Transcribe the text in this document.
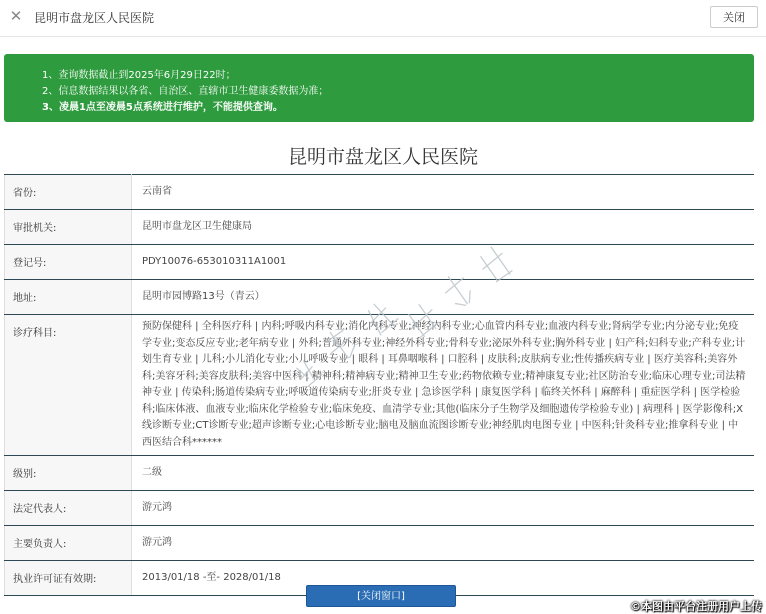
✕ 昆明市盘龙区人民医院	关闭
1、查询数据截止到2025年6月29日22时；
2、信息数据结果以各省、自治区、直辖市卫生健康委数据为准；
3、凌晨1点至凌晨5点系统进行维护，不能提供查询。
昆明市盘龙区人民医院
省份:	云南省

审批机关:	昆明市盘龙区卫生健康局

登记号:	PDY10076-653010311A1001

地址:	昆明市园博路13号（青云）

诊疗科目:	预防保健科 | 全科医疗科 | 内科;呼吸内科专业;消化内科专业;神经内科专业;心血管内科专业;血液内科专业;肾病学专业;内分泌专业;免疫学专业;变态反应专业;老年病专业 | 外科;普通外科专业;神经外科专业;骨科专业;泌尿外科专业;胸外科专业 | 妇产科;妇科专业;产科专业;计划生育专业 | 儿科;小儿消化专业;小儿呼吸专业 | 眼科 | 耳鼻咽喉科 | 口腔科 | 皮肤科;皮肤病专业;性传播疾病专业 | 医疗美容科;美容外科;美容牙科;美容皮肤科;美容中医科 | 精神科;精神病专业;精神卫生专业;药物依赖专业;精神康复专业;社区防治专业;临床心理专业;司法精神专业 | 传染科;肠道传染病专业;呼吸道传染病专业;肝炎专业 | 急诊医学科 | 康复医学科 | 临终关怀科 | 麻醉科 | 重症医学科 | 医学检验科;临床体液、血液专业;临床化学检验专业;临床免疫、血清学专业;其他(临床分子生物学及细胞遗传学检验专业) | 病理科 | 医学影像科;X线诊断专业;CT诊断专业;超声诊断专业;心电诊断专业;脑电及脑血流图诊断专业;神经肌肉电图专业 | 中医科;针灸科专业;推拿科专业 | 中西医结合科******

级别:	二级

法定代表人:	游元鸿

主要负责人:	游元鸿

执业许可证有效期:	2013/01/18 -至- 2028/01/18
[关闭窗口]
©本图由平台注册用户上传
